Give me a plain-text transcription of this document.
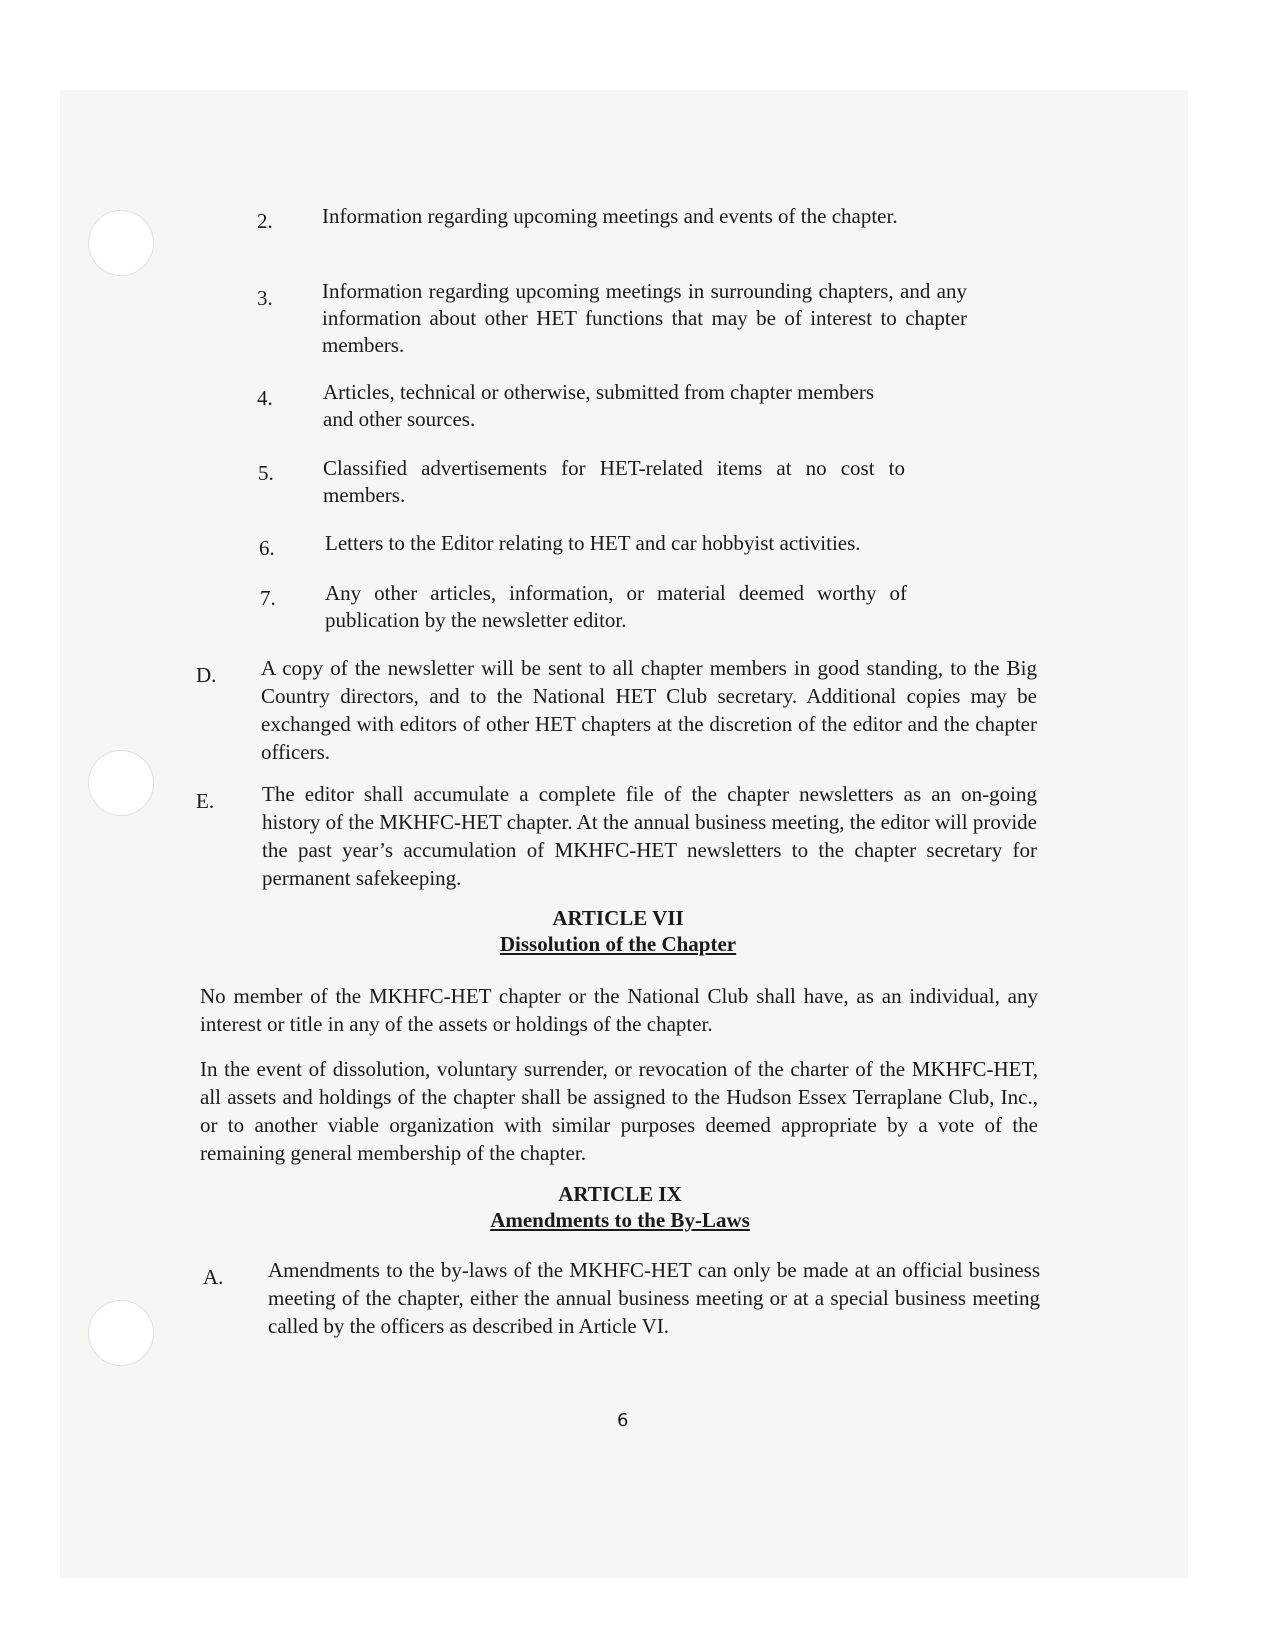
2. Information regarding upcoming meetings and events of the chapter.
3. Information regarding upcoming meetings in surrounding chapters, and any information about other HET functions that may be of interest to chapter members.
4. Articles, technical or otherwise, submitted from chapter members and other sources.
5. Classified advertisements for HET-related items at no cost to members.
6. Letters to the Editor relating to HET and car hobbyist activities.
7. Any other articles, information, or material deemed worthy of publication by the newsletter editor.
D. A copy of the newsletter will be sent to all chapter members in good standing, to the Big Country directors, and to the National HET Club secretary. Additional copies may be exchanged with editors of other HET chapters at the discretion of the editor and the chapter officers.
E. The editor shall accumulate a complete file of the chapter newsletters as an on-going history of the MKHFC-HET chapter. At the annual business meeting, the editor will provide the past year’s accumulation of MKHFC-HET newsletters to the chapter secretary for permanent safekeeping.
ARTICLE VII
Dissolution of the Chapter
No member of the MKHFC-HET chapter or the National Club shall have, as an individual, any interest or title in any of the assets or holdings of the chapter.
In the event of dissolution, voluntary surrender, or revocation of the charter of the MKHFC-HET, all assets and holdings of the chapter shall be assigned to the Hudson Essex Terraplane Club, Inc., or to another viable organization with similar purposes deemed appropriate by a vote of the remaining general membership of the chapter.
ARTICLE IX
Amendments to the By-Laws
A. Amendments to the by-laws of the MKHFC-HET can only be made at an official business meeting of the chapter, either the annual business meeting or at a special business meeting called by the officers as described in Article VI.
6
